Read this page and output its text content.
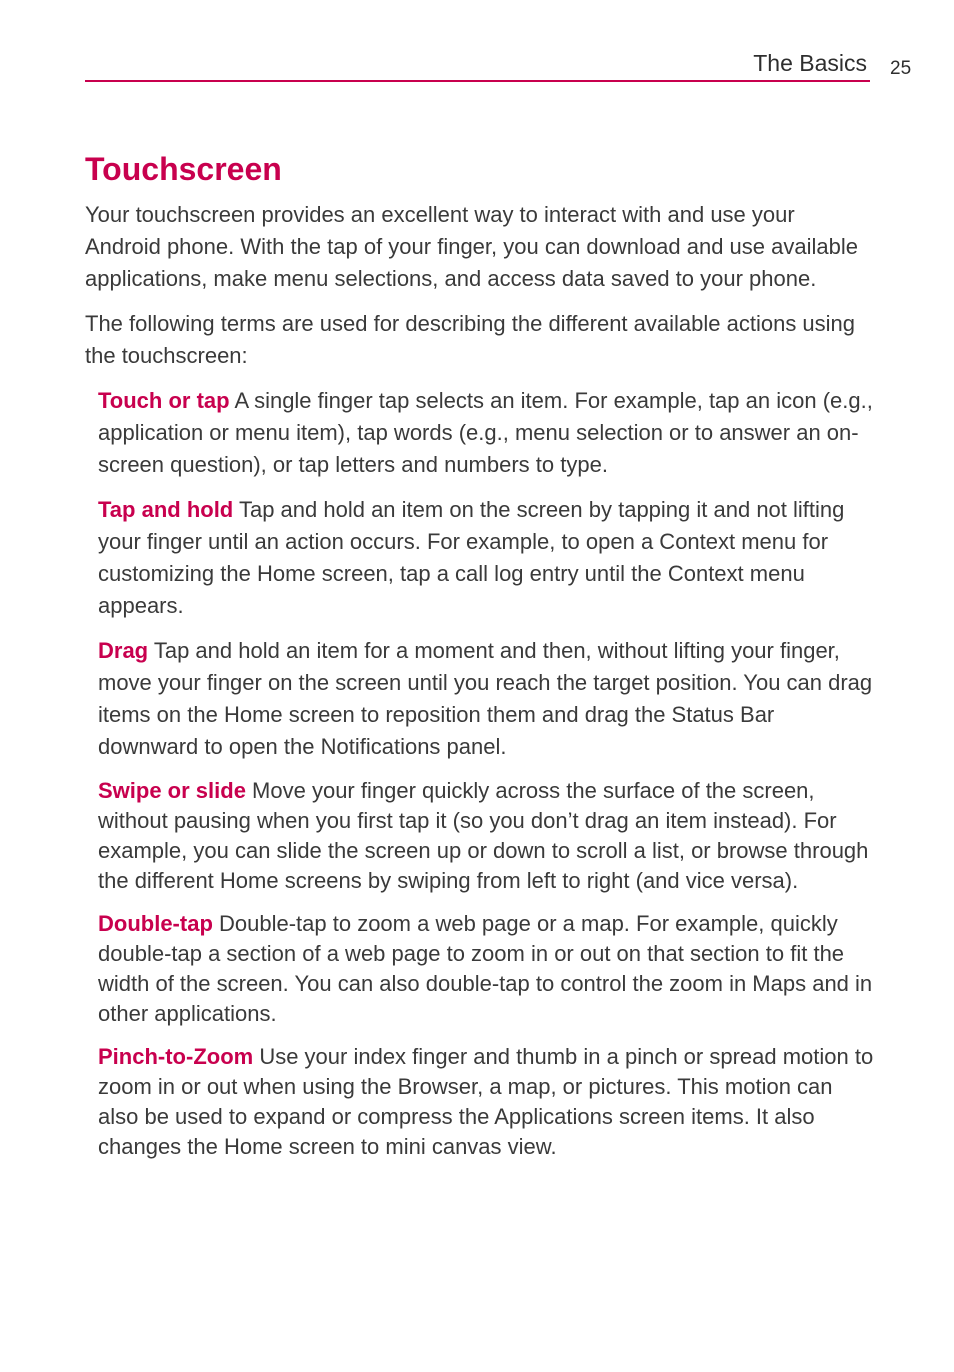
The Basics 25
Touchscreen

Your touchscreen provides an excellent way to interact with and use your Android phone. With the tap of your finger, you can download and use available applications, make menu selections, and access data saved to your phone.

The following terms are used for describing the different available actions using the touchscreen:

Touch or tap A single finger tap selects an item. For example, tap an icon (e.g., application or menu item), tap words (e.g., menu selection or to answer an on-screen question), or tap letters and numbers to type.

Tap and hold Tap and hold an item on the screen by tapping it and not lifting your finger until an action occurs. For example, to open a Context menu for customizing the Home screen, tap a call log entry until the Context menu appears.

Drag Tap and hold an item for a moment and then, without lifting your finger, move your finger on the screen until you reach the target position. You can drag items on the Home screen to reposition them and drag the Status Bar downward to open the Notifications panel.

Swipe or slide Move your finger quickly across the surface of the screen, without pausing when you first tap it (so you don’t drag an item instead). For example, you can slide the screen up or down to scroll a list, or browse through the different Home screens by swiping from left to right (and vice versa).

Double-tap Double-tap to zoom a web page or a map. For example, quickly double-tap a section of a web page to zoom in or out on that section to fit the width of the screen. You can also double-tap to control the zoom in Maps and in other applications.

Pinch-to-Zoom Use your index finger and thumb in a pinch or spread motion to zoom in or out when using the Browser, a map, or pictures. This motion can also be used to expand or compress the Applications screen items. It also changes the Home screen to mini canvas view.
